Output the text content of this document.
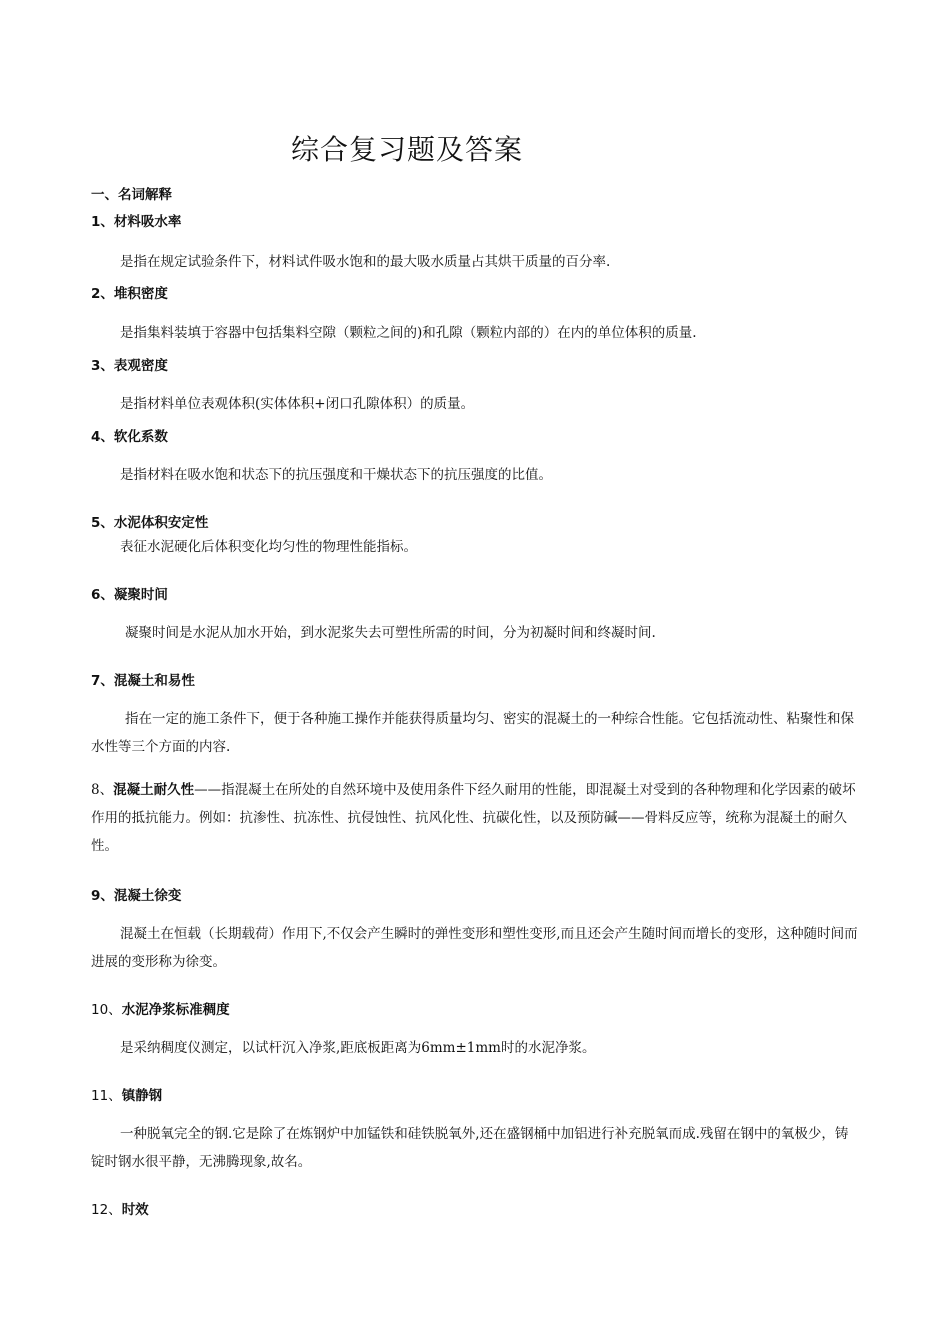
综合复习题及答案
一、名词解释
1、材料吸水率
是指在规定试验条件下，材料试件吸水饱和的最大吸水质量占其烘干质量的百分率.
2、堆积密度
是指集料装填于容器中包括集料空隙（颗粒之间的)和孔隙（颗粒内部的）在内的单位体积的质量.
3、表观密度
是指材料单位表观体积(实体体积+闭口孔隙体积）的质量。
4、软化系数
是指材料在吸水饱和状态下的抗压强度和干燥状态下的抗压强度的比值。
5、水泥体积安定性
表征水泥硬化后体积变化均匀性的物理性能指标。
6、凝聚时间
凝聚时间是水泥从加水开始，到水泥浆失去可塑性所需的时间，分为初凝时间和终凝时间.
7、混凝土和易性
指在一定的施工条件下，便于各种施工操作并能获得质量均匀、密实的混凝土的一种综合性能。它包括流动性、粘聚性和保水性等三个方面的内容.
8、混凝土耐久性——指混凝土在所处的自然环境中及使用条件下经久耐用的性能，即混凝土对受到的各种物理和化学因素的破坏作用的抵抗能力。例如：抗渗性、抗冻性、抗侵蚀性、抗风化性、抗碳化性，以及预防碱——骨料反应等，统称为混凝土的耐久性。
9、混凝土徐变
混凝土在恒载（长期载荷）作用下,不仅会产生瞬时的弹性变形和塑性变形,而且还会产生随时间而增长的变形，这种随时间而进展的变形称为徐变。
10、水泥净浆标准稠度
是采纳稠度仪测定，以试杆沉入净浆,距底板距离为6mm±1mm时的水泥净浆。
11、镇静钢
一种脱氧完全的钢.它是除了在炼钢炉中加锰铁和硅铁脱氧外,还在盛钢桶中加铝进行补充脱氧而成.残留在钢中的氧极少，铸锭时钢水很平静，无沸腾现象,故名。
12、时效
